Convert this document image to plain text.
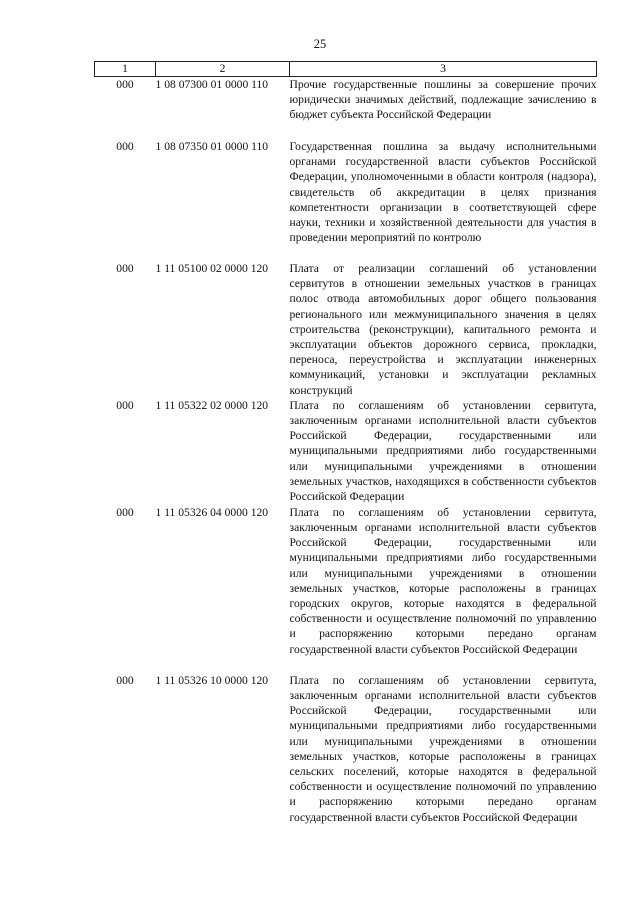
25
1	2	3
000	1 08 07300 01 0000 110	Прочие государственные пошлины за совершение прочих юридически значимых действий, подлежащие зачислению в бюджет субъекта Российской Федерации
000	1 08 07350 01 0000 110	Государственная пошлина за выдачу исполнительными органами государственной власти субъектов Российской Федерации, уполномоченными в области контроля (надзора), свидетельств об аккредитации в целях признания компетентности организации в соответствующей сфере науки, техники и хозяйственной деятельности для участия в проведении мероприятий по контролю
000	1 11 05100 02 0000 120	Плата от реализации соглашений об установлении сервитутов в отношении земельных участков в границах полос отвода автомобильных дорог общего пользования регионального или межмуниципального значения в целях строительства (реконструкции), капитального ремонта и эксплуатации объектов дорожного сервиса, прокладки, переноса, переустройства и эксплуатации инженерных коммуникаций, установки и эксплуатации рекламных конструкций
000	1 11 05322 02 0000 120	Плата по соглашениям об установлении сервитута, заключенным органами исполнительной власти субъектов Российской Федерации, государственными или муниципальными предприятиями либо государственными или муниципальными учреждениями в отношении земельных участков, находящихся в собственности субъектов Российской Федерации
000	1 11 05326 04 0000 120	Плата по соглашениям об установлении сервитута, заключенным органами исполнительной власти субъектов Российской Федерации, государственными или муниципальными предприятиями либо государственными или муниципальными учреждениями в отношении земельных участков, которые расположены в границах городских округов, которые находятся в федеральной собственности и осуществление полномочий по управлению и распоряжению которыми передано органам государственной власти субъектов Российской Федерации
000	1 11 05326 10 0000 120	Плата по соглашениям об установлении сервитута, заключенным органами исполнительной власти субъектов Российской Федерации, государственными или муниципальными предприятиями либо государственными или муниципальными учреждениями в отношении земельных участков, которые расположены в границах сельских поселений, которые находятся в федеральной собственности и осуществление полномочий по управлению и распоряжению которыми передано органам государственной власти субъектов Российской Федерации
